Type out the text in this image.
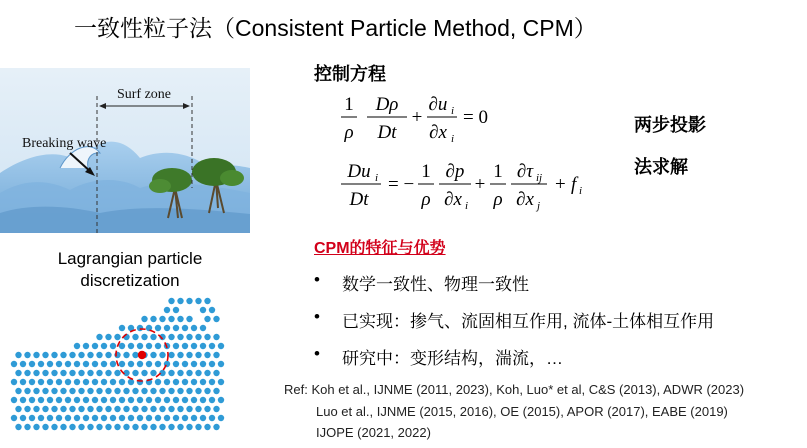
一致性粒子法（Consistent Particle Method, CPM）
Surf zone
Breaking wave
Lagrangian particle
discretization
控制方程
1
ρ
Dρ
Dt
+
∂u i
∂x i
= 0
Du i
Dt
= −
1
ρ
∂p
∂x i
+
1
ρ
∂τ ij
∂x j
+ f i
两步投影
法求解
CPM的特征与优势
•	数学一致性、物理一致性
•	已实现：掺气、流固相互作用, 流体-土体相互作用
•	研究中：变形结构，湍流，…
Ref: Koh et al., IJNME (2011, 2023), Koh, Luo* et al, C&S (2013), ADWR (2023)
Luo et al., IJNME (2015, 2016), OE (2015), APOR (2017), EABE (2019)
IJOPE (2021, 2022)
